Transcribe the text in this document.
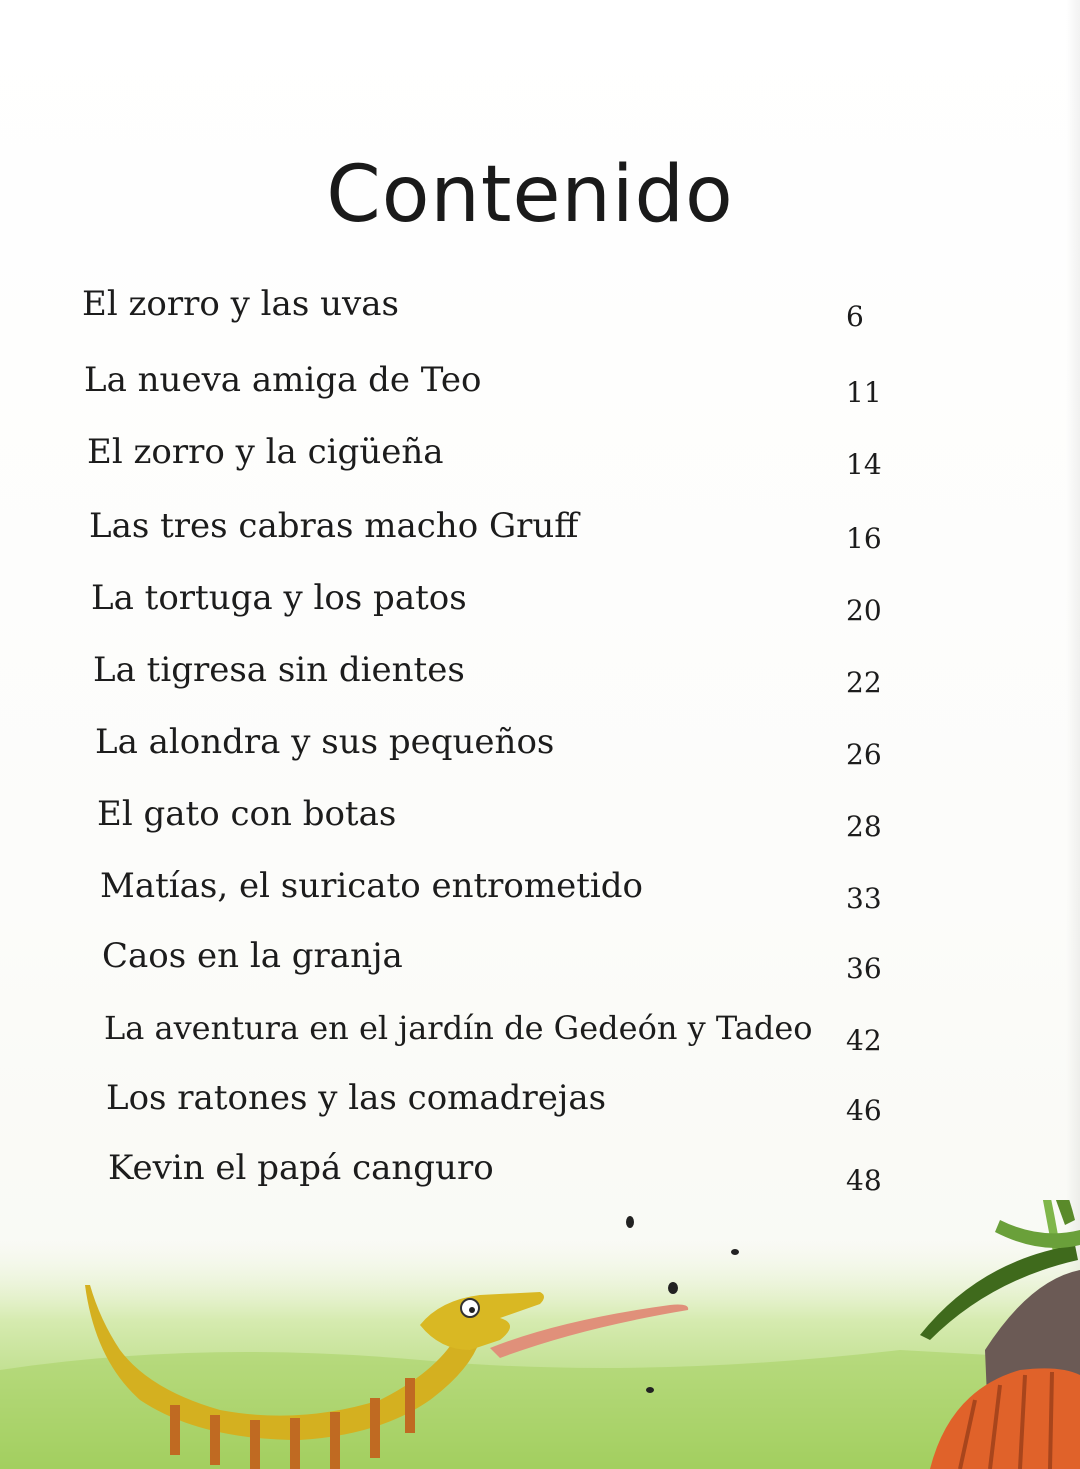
Contenido
El zorro y las uvas	6
La nueva amiga de Teo	11
El zorro y la cigüeña	14
Las tres cabras macho Gruff	16
La tortuga y los patos	20
La tigresa sin dientes	22
La alondra y sus pequeños	26
El gato con botas	28
Matías, el suricato entrometido	33
Caos en la granja	36
La aventura en el jardín de Gedeón y Tadeo 42
Los ratones y las comadrejas	46
Kevin el papá canguro	48
